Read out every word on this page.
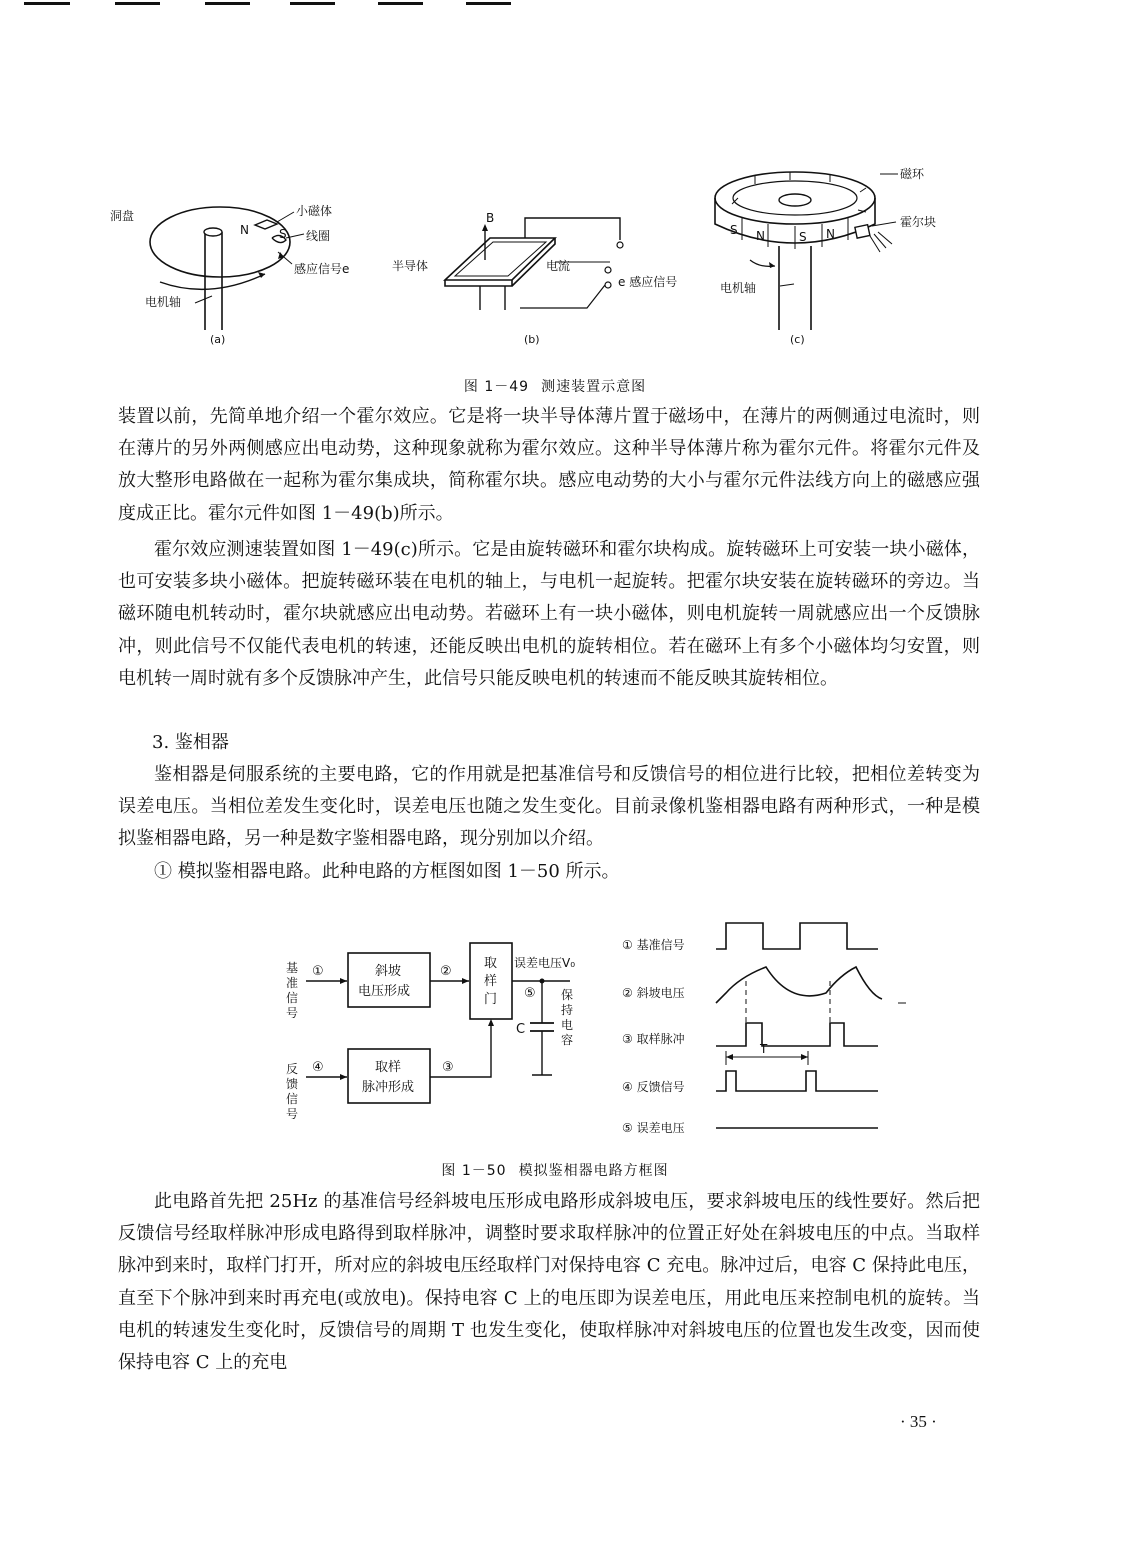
洞盘	小磁体
N	S 线圈
感应信号e
电机轴
(a)
B
半导体	电流
e 感应信号
(b)
S N	S N
磁环
霍尔块
电机轴
(c)
图 1－49 测速装置示意图

装置以前，先简单地介绍一个霍尔效应。它是将一块半导体薄片置于磁场中，在薄片的两侧通过电流时，则在薄片的另外两侧感应出电动势，这种现象就称为霍尔效应。这种半导体薄片称为霍尔元件。将霍尔元件及放大整形电路做在一起称为霍尔集成块，简称霍尔块。感应电动势的大小与霍尔元件法线方向上的磁感应强度成正比。霍尔元件如图 1－49(b)所示。

霍尔效应测速装置如图 1－49(c)所示。它是由旋转磁环和霍尔块构成。旋转磁环上可安装一块小磁体，也可安装多块小磁体。把旋转磁环装在电机的轴上，与电机一起旋转。把霍尔块安装在旋转磁环的旁边。当磁环随电机转动时，霍尔块就感应出电动势。若磁环上有一块小磁体，则电机旋转一周就感应出一个反馈脉冲，则此信号不仅能代表电机的转速，还能反映出电机的旋转相位。若在磁环上有多个小磁体均匀安置，则电机转一周时就有多个反馈脉冲产生，此信号只能反映电机的转速而不能反映其旋转相位。

3. 鉴相器

鉴相器是伺服系统的主要电路，它的作用就是把基准信号和反馈信号的相位进行比较，把相位差转变为误差电压。当相位差发生变化时，误差电压也随之发生变化。目前录像机鉴相器电路有两种形式，一种是模拟鉴相器电路，另一种是数字鉴相器电路，现分别加以介绍。

① 模拟鉴相器电路。此种电路的方框图如图 1－50 所示。

基 准 信 号
反 馈 信 号
①	斜坡
电压形成
②
取
样
门
误差电压V₀
⑤
C
保 持 电 容
④	取样
脉冲形成
③
① 基准信号
② 斜坡电压
③ 取样脉冲
④ 反馈信号
⑤ 误差电压
T
图 1－50 模拟鉴相器电路方框图

此电路首先把 25Hz 的基准信号经斜坡电压形成电路形成斜坡电压，要求斜坡电压的线性要好。然后把反馈信号经取样脉冲形成电路得到取样脉冲，调整时要求取样脉冲的位置正好处在斜坡电压的中点。当取样脉冲到来时，取样门打开，所对应的斜坡电压经取样门对保持电容 C 充电。脉冲过后，电容 C 保持此电压，直至下个脉冲到来时再充电(或放电)。保持电容 C 上的电压即为误差电压，用此电压来控制电机的旋转。当电机的转速发生变化时，反馈信号的周期 T 也发生变化，使取样脉冲对斜坡电压的位置也发生改变，因而使保持电容 C 上的充电

· 35 ·
